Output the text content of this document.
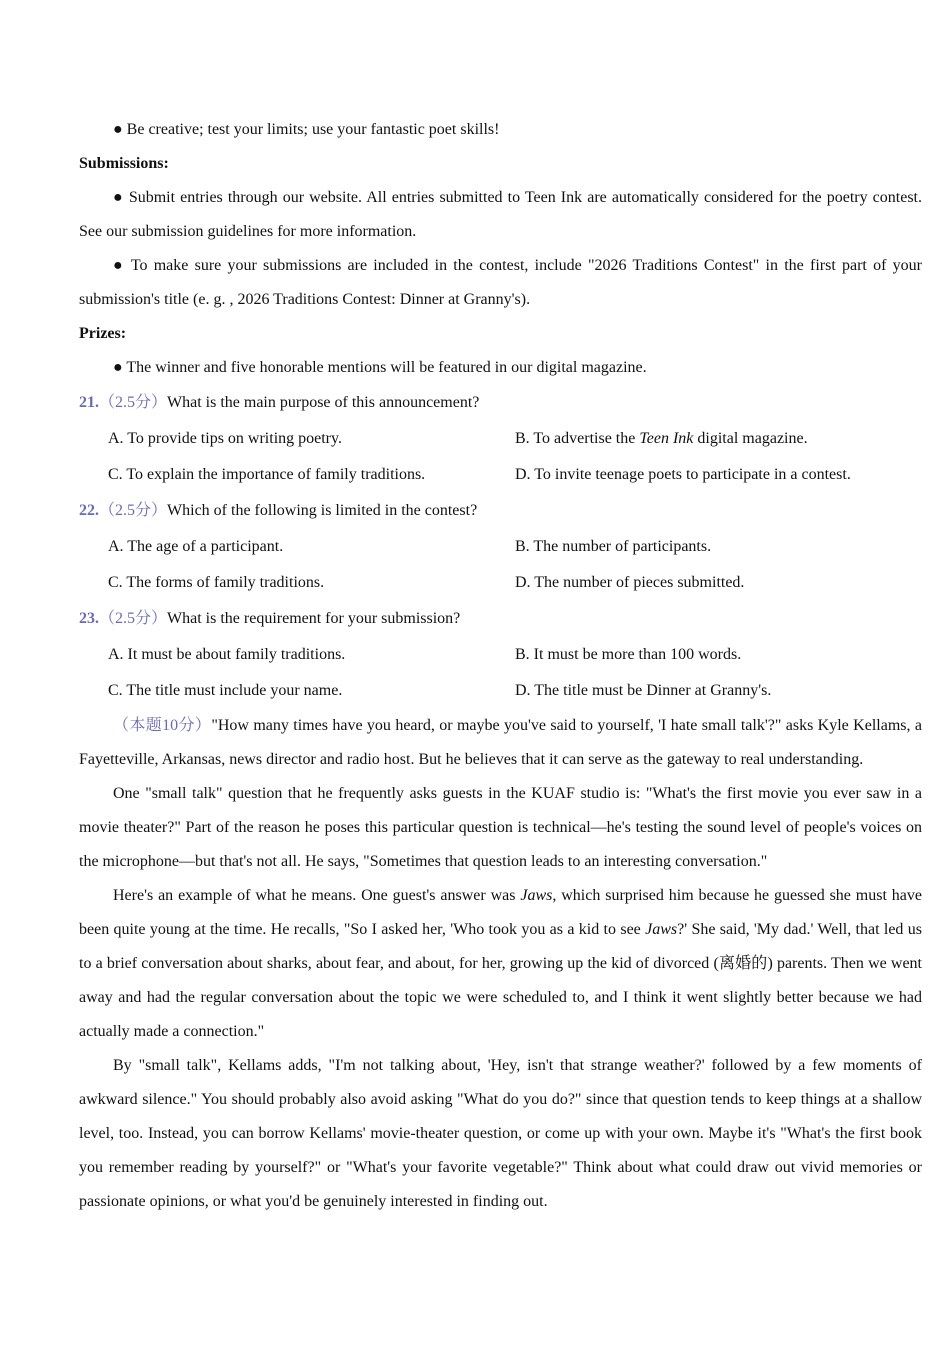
● Be creative; test your limits; use your fantastic poet skills!

Submissions:

● Submit entries through our website. All entries submitted to Teen Ink are automatically considered for the poetry contest. See our submission guidelines for more information.

● To make sure your submissions are included in the contest, include "2026 Traditions Contest" in the first part of your submission's title (e. g. , 2026 Traditions Contest: Dinner at Granny's).

Prizes:

● The winner and five honorable mentions will be featured in our digital magazine.

21.（2.5分）What is the main purpose of this announcement?
A. To provide tips on writing poetry.	B. To advertise the Teen Ink digital magazine.
C. To explain the importance of family traditions.	D. To invite teenage poets to participate in a contest.
22.（2.5分）Which of the following is limited in the contest?
A. The age of a participant.	B. The number of participants.
C. The forms of family traditions.	D. The number of pieces submitted.
23.（2.5分）What is the requirement for your submission?
A. It must be about family traditions.	B. It must be more than 100 words.
C. The title must include your name.	D. The title must be Dinner at Granny's.

（本题10分）"How many times have you heard, or maybe you've said to yourself, 'I hate small talk'?" asks Kyle Kellams, a Fayetteville, Arkansas, news director and radio host. But he believes that it can serve as the gateway to real understanding.

One "small talk" question that he frequently asks guests in the KUAF studio is: "What's the first movie you ever saw in a movie theater?" Part of the reason he poses this particular question is technical—he's testing the sound level of people's voices on the microphone—but that's not all. He says, "Sometimes that question leads to an interesting conversation."

Here's an example of what he means. One guest's answer was Jaws, which surprised him because he guessed she must have been quite young at the time. He recalls, "So I asked her, 'Who took you as a kid to see Jaws?' She said, 'My dad.' Well, that led us to a brief conversation about sharks, about fear, and about, for her, growing up the kid of divorced (离婚的) parents. Then we went away and had the regular conversation about the topic we were scheduled to, and I think it went slightly better because we had actually made a connection."

By "small talk", Kellams adds, "I'm not talking about, 'Hey, isn't that strange weather?' followed by a few moments of awkward silence." You should probably also avoid asking "What do you do?" since that question tends to keep things at a shallow level, too. Instead, you can borrow Kellams' movie-theater question, or come up with your own. Maybe it's "What's the first book you remember reading by yourself?" or "What's your favorite vegetable?" Think about what could draw out vivid memories or passionate opinions, or what you'd be genuinely interested in finding out.
